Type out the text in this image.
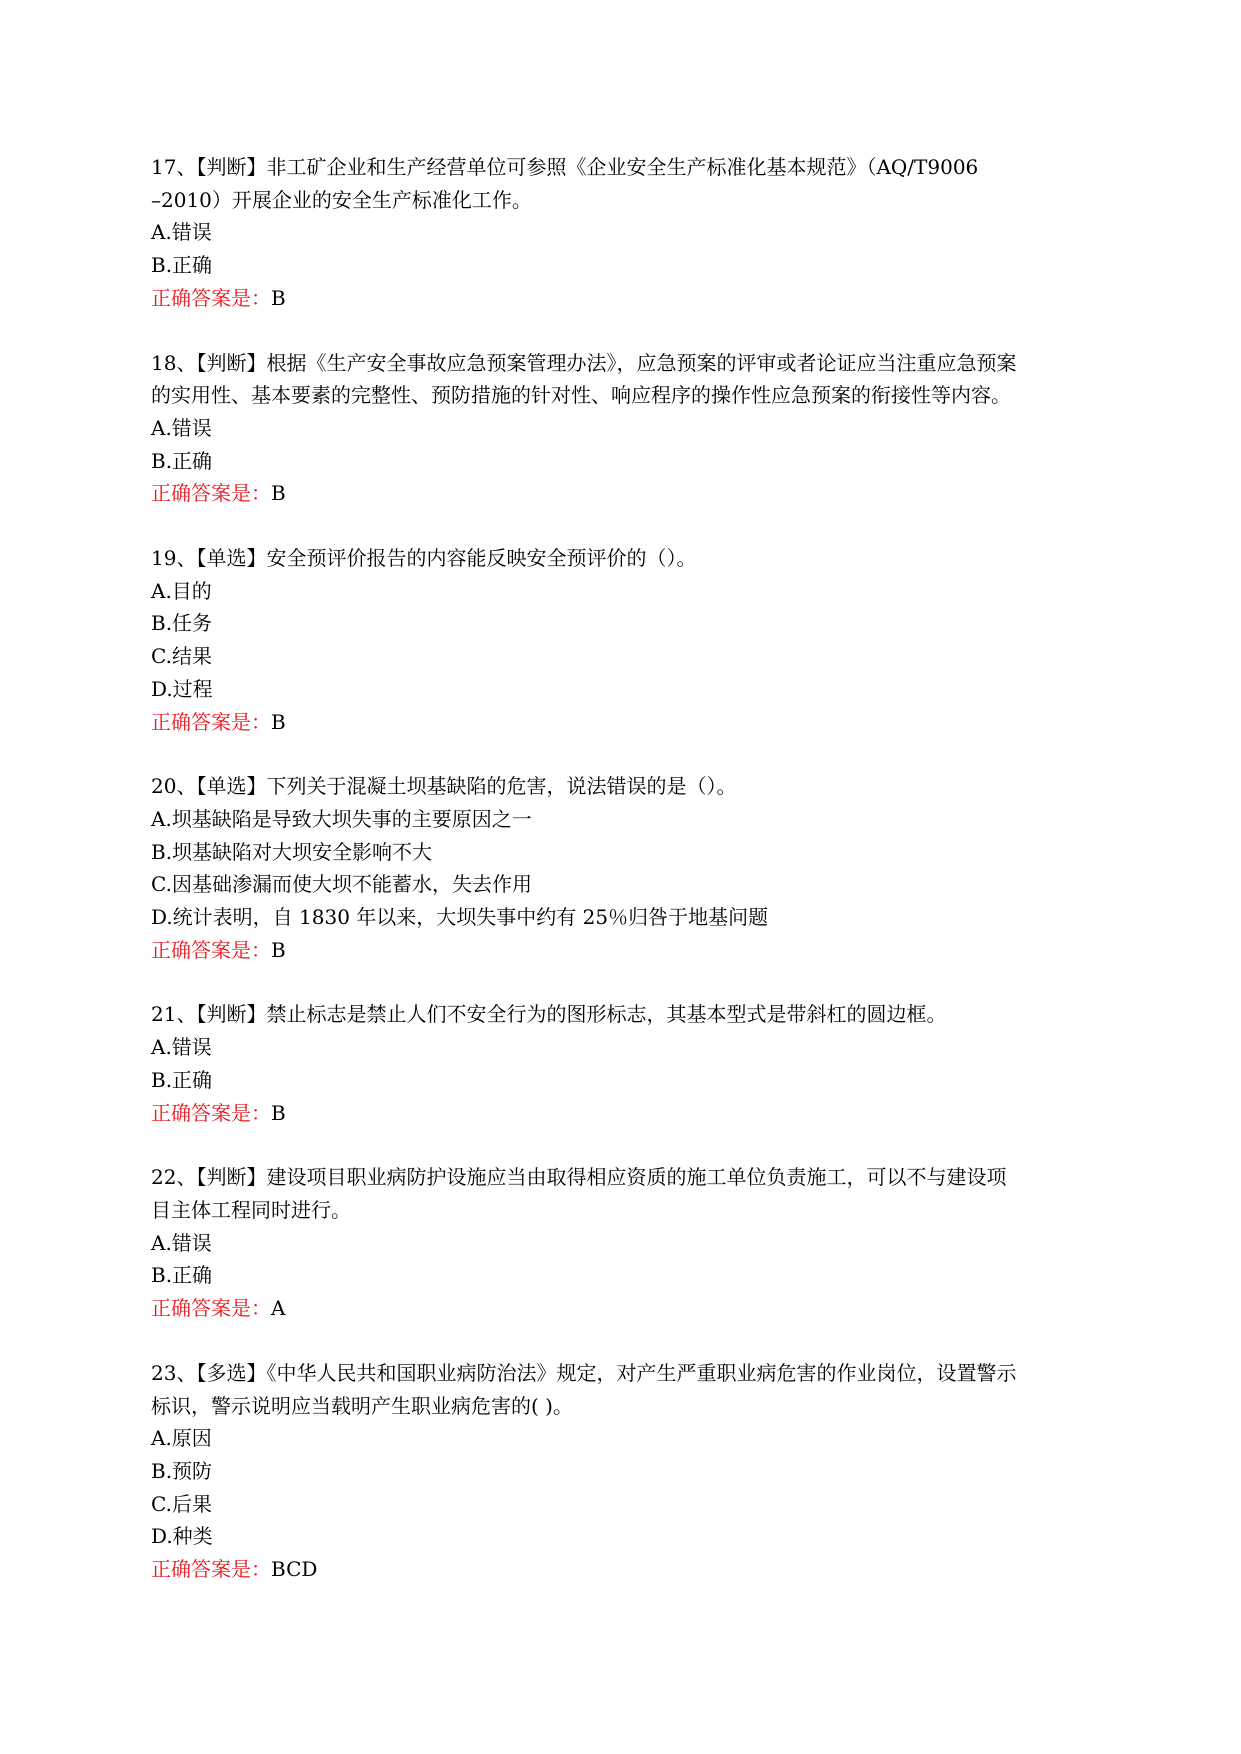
17、【判断】非工矿企业和生产经营单位可参照《企业安全生产标准化基本规范》（AQ/T9006

–2010）开展企业的安全生产标准化工作。

A.错误

B.正确

正确答案是：B

18、【判断】根据《生产安全事故应急预案管理办法》，应急预案的评审或者论证应当注重应急预案

的实用性、基本要素的完整性、预防措施的针对性、响应程序的操作性应急预案的衔接性等内容。

A.错误

B.正确

正确答案是：B

19、【单选】安全预评价报告的内容能反映安全预评价的（）。

A.目的

B.任务

C.结果

D.过程

正确答案是：B

20、【单选】下列关于混凝土坝基缺陷的危害，说法错误的是（）。

A.坝基缺陷是导致大坝失事的主要原因之一

B.坝基缺陷对大坝安全影响不大

C.因基础渗漏而使大坝不能蓄水，失去作用

D.统计表明，自 1830 年以来，大坝失事中约有 25％归咎于地基问题

正确答案是：B

21、【判断】禁止标志是禁止人们不安全行为的图形标志，其基本型式是带斜杠的圆边框。

A.错误

B.正确

正确答案是：B

22、【判断】建设项目职业病防护设施应当由取得相应资质的施工单位负责施工，可以不与建设项

目主体工程同时进行。

A.错误

B.正确

正确答案是：A

23、【多选】《中华人民共和国职业病防治法》规定，对产生严重职业病危害的作业岗位，设置警示

标识，警示说明应当载明产生职业病危害的( )。

A.原因

B.预防

C.后果

D.种类

正确答案是：BCD
